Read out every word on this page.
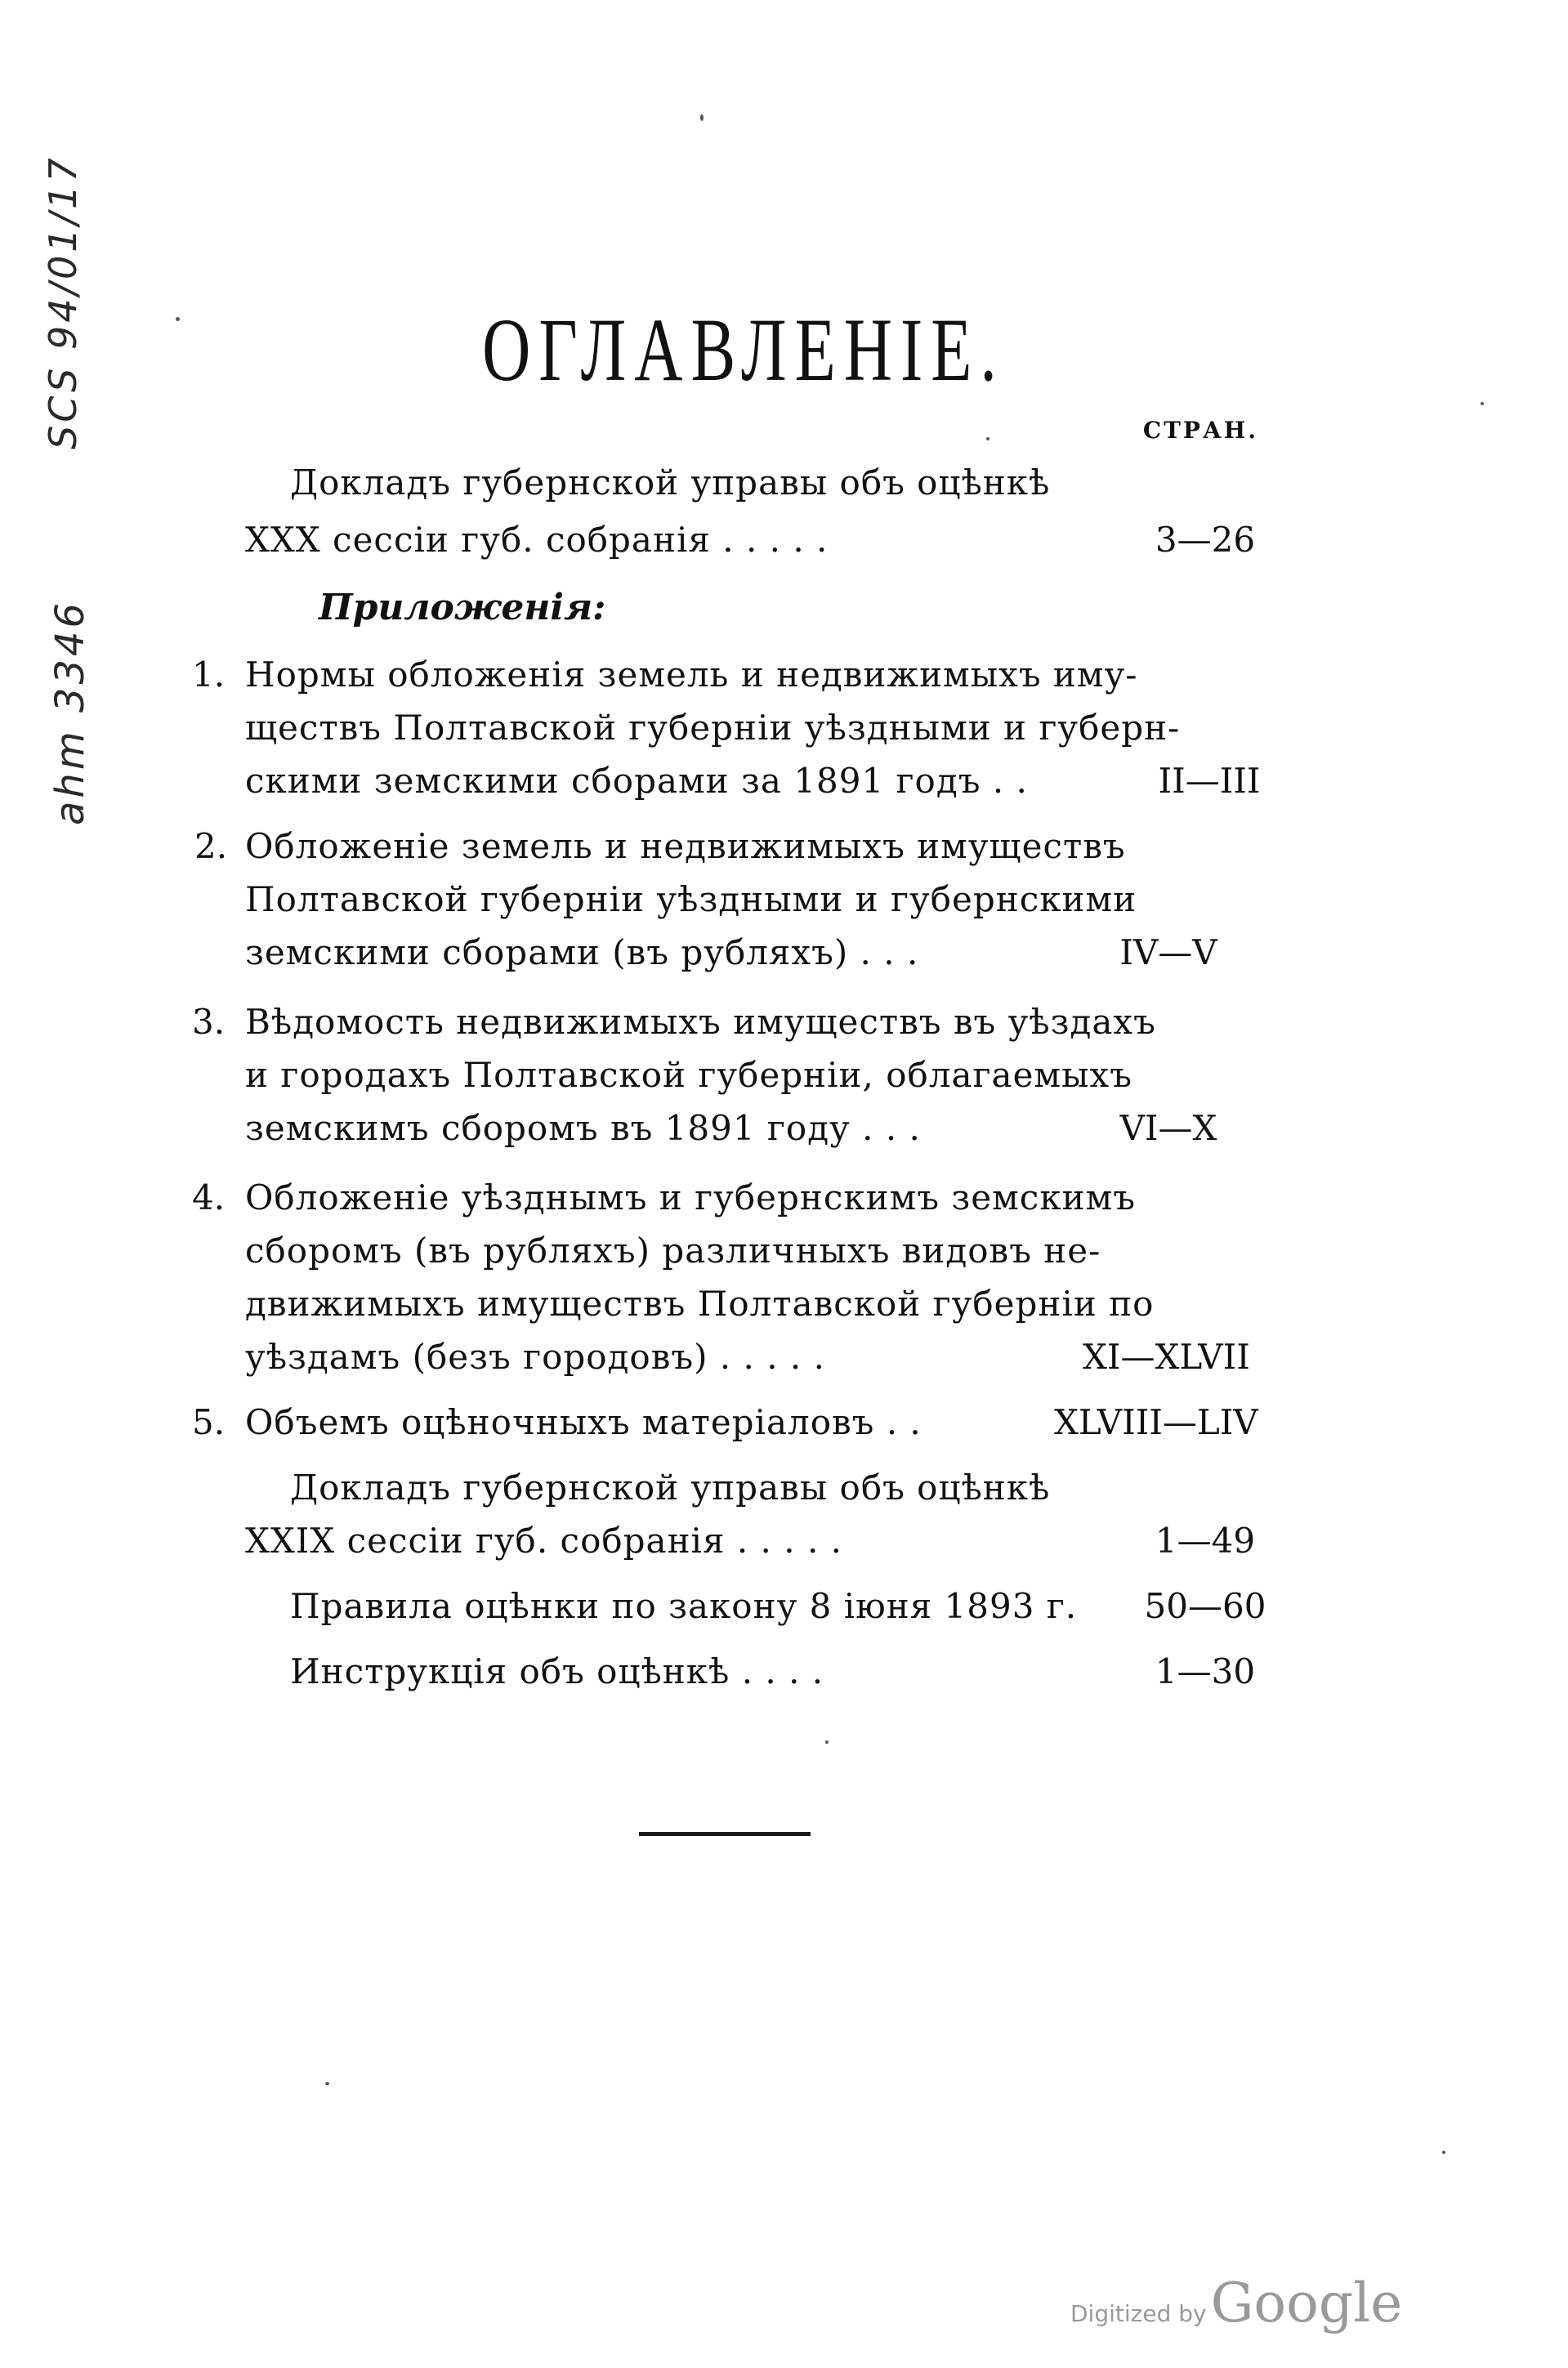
SCS 94/01/17
ahm 3346
ОГЛАВЛЕНІЕ.
СТРАН.
Докладъ губернской управы объ оцѣнкѣ
XXX сессіи губ. собранія . . . . .	3—26
Приложенія:
1. Нормы обложенія земель и недвижимыхъ иму-
ществъ Полтавской губерніи уѣздными и губерн-
скими земскими сборами за 1891 годъ . .	II—III
2. Обложеніе земель и недвижимыхъ имуществъ
Полтавской губерніи уѣздными и губернскими
земскими сборами (въ рубляхъ) . . .	IV—V
3. Вѣдомость недвижимыхъ имуществъ въ уѣздахъ
и городахъ Полтавской губерніи, облагаемыхъ
земскимъ сборомъ въ 1891 году . . .	VI—X
4. Обложеніе уѣзднымъ и губернскимъ земскимъ
сборомъ (въ рубляхъ) различныхъ видовъ не-
движимыхъ имуществъ Полтавской губерніи по
уѣздамъ (безъ городовъ) . . . . .	XI—XLVII
5. Объемъ оцѣночныхъ матеріаловъ . .	XLVIII—LIV
Докладъ губернской управы объ оцѣнкѣ
XXIX сессіи губ. собранія . . . . .	1—49
Правила оцѣнки по закону 8 іюня 1893 г.	50—60
Инструкція объ оцѣнкѣ . . . .	1—30
Digitized by Google
